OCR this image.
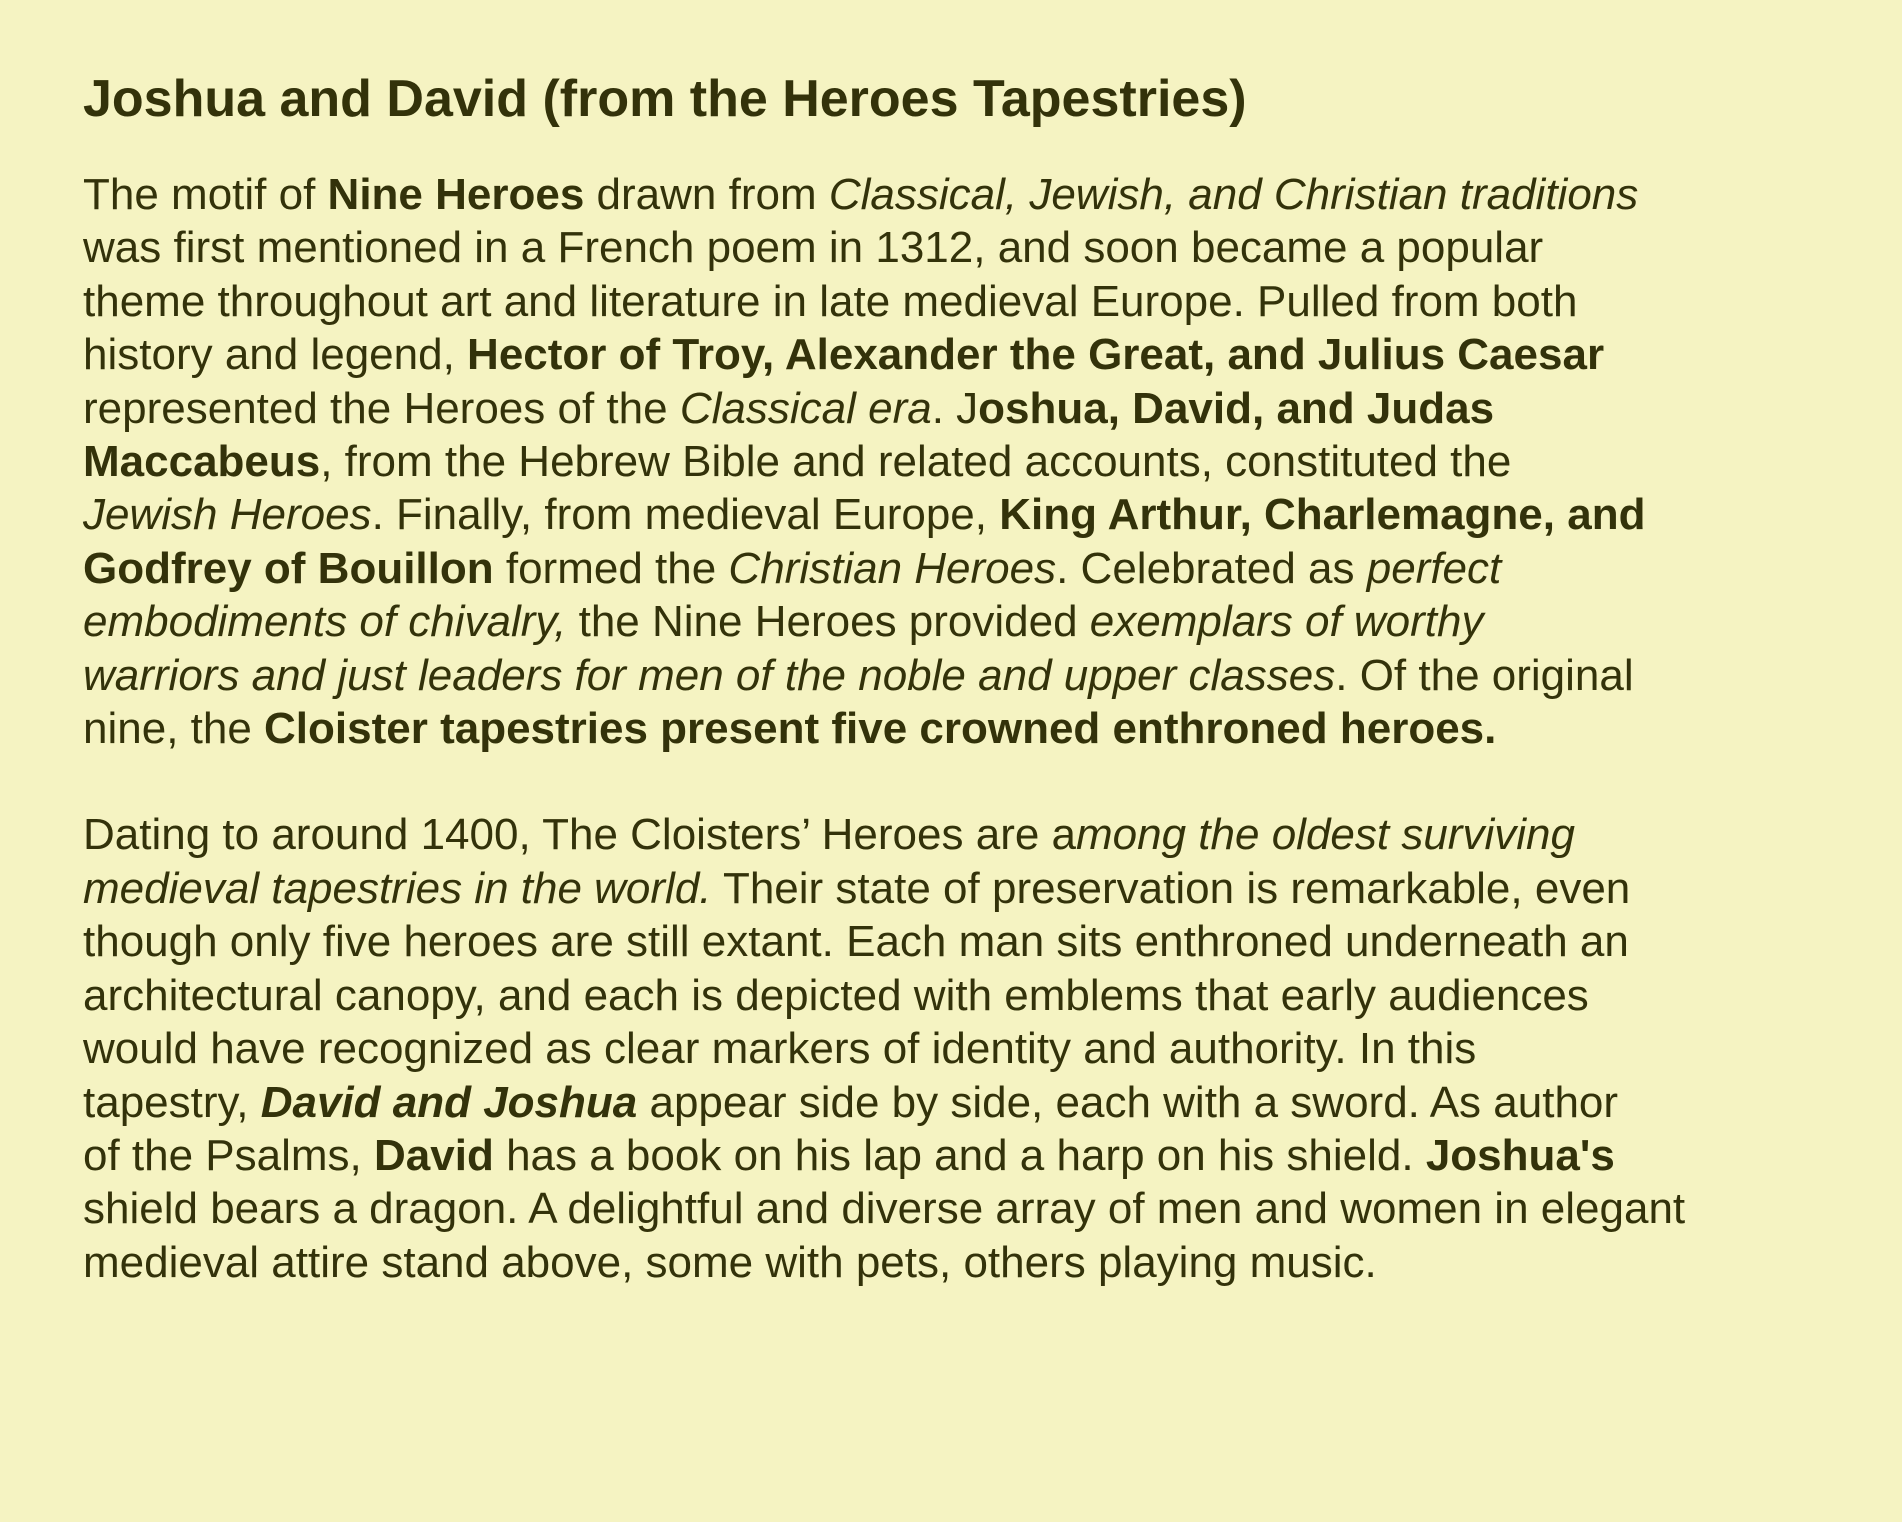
Joshua and David (from the Heroes Tapestries)

The motif of Nine Heroes drawn from Classical, Jewish, and Christian traditions
was first mentioned in a French poem in 1312, and soon became a popular
theme throughout art and literature in late medieval Europe. Pulled from both
history and legend, Hector of Troy, Alexander the Great, and Julius Caesar
represented the Heroes of the Classical era. Joshua, David, and Judas
Maccabeus, from the Hebrew Bible and related accounts, constituted the
Jewish Heroes. Finally, from medieval Europe, King Arthur, Charlemagne, and
Godfrey of Bouillon formed the Christian Heroes. Celebrated as perfect
embodiments of chivalry, the Nine Heroes provided exemplars of worthy
warriors and just leaders for men of the noble and upper classes. Of the original
nine, the Cloister tapestries present five crowned enthroned heroes.

Dating to around 1400, The Cloisters’ Heroes are among the oldest surviving
medieval tapestries in the world. Their state of preservation is remarkable, even
though only five heroes are still extant. Each man sits enthroned underneath an
architectural canopy, and each is depicted with emblems that early audiences
would have recognized as clear markers of identity and authority. In this
tapestry, David and Joshua appear side by side, each with a sword. As author
of the Psalms, David has a book on his lap and a harp on his shield. Joshua's
shield bears a dragon. A delightful and diverse array of men and women in elegant
medieval attire stand above, some with pets, others playing music.
